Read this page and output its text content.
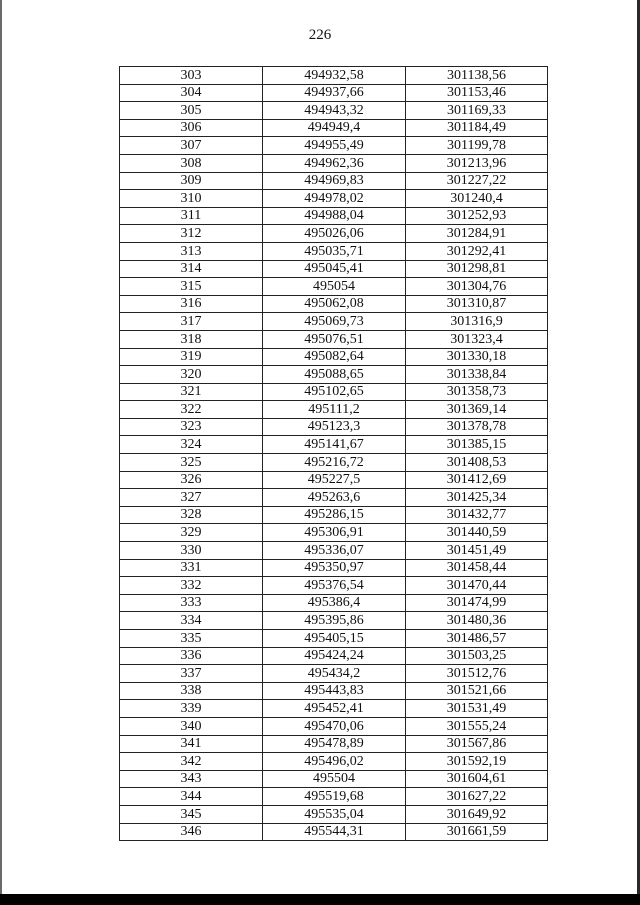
226
303	494932,58	301138,56
304	494937,66	301153,46
305	494943,32	301169,33
306	494949,4	301184,49
307	494955,49	301199,78
308	494962,36	301213,96
309	494969,83	301227,22
310	494978,02	301240,4
311	494988,04	301252,93
312	495026,06	301284,91
313	495035,71	301292,41
314	495045,41	301298,81
315	495054	301304,76
316	495062,08	301310,87
317	495069,73	301316,9
318	495076,51	301323,4
319	495082,64	301330,18
320	495088,65	301338,84
321	495102,65	301358,73
322	495111,2	301369,14
323	495123,3	301378,78
324	495141,67	301385,15
325	495216,72	301408,53
326	495227,5	301412,69
327	495263,6	301425,34
328	495286,15	301432,77
329	495306,91	301440,59
330	495336,07	301451,49
331	495350,97	301458,44
332	495376,54	301470,44
333	495386,4	301474,99
334	495395,86	301480,36
335	495405,15	301486,57
336	495424,24	301503,25
337	495434,2	301512,76
338	495443,83	301521,66
339	495452,41	301531,49
340	495470,06	301555,24
341	495478,89	301567,86
342	495496,02	301592,19
343	495504	301604,61
344	495519,68	301627,22
345	495535,04	301649,92
346	495544,31	301661,59
